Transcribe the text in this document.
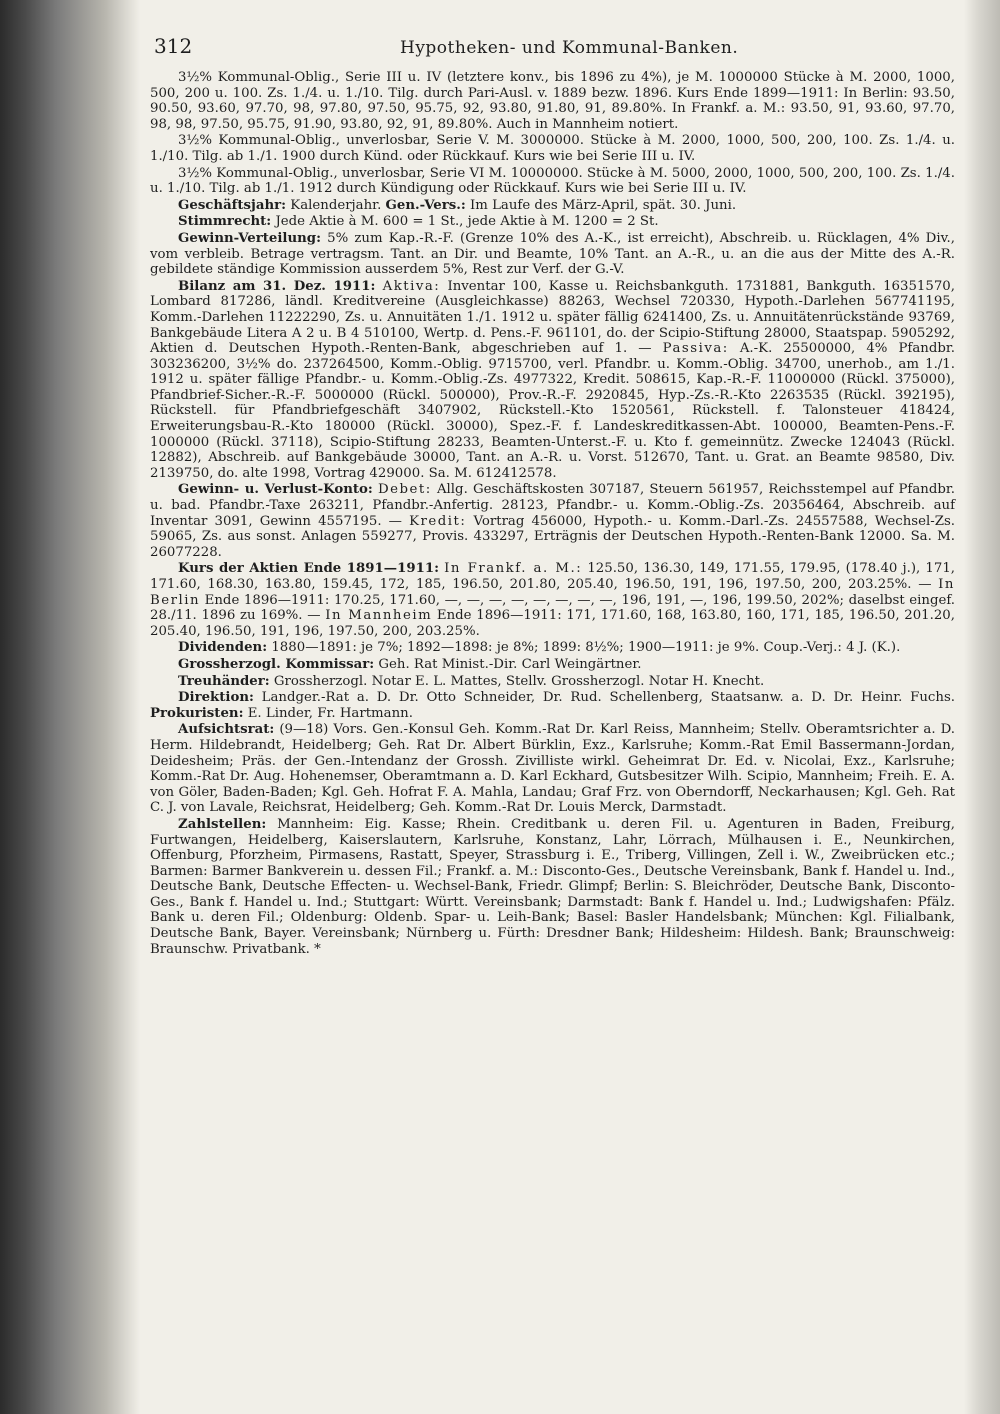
312	Hypotheken- und Kommunal-Banken.

3½% Kommunal-Oblig., Serie III u. IV (letztere konv., bis 1896 zu 4%), je M. 1000000 Stücke à M. 2000, 1000, 500, 200 u. 100. Zs. 1./4. u. 1./10. Tilg. durch Pari-Ausl. v. 1889 bezw. 1896. Kurs Ende 1899—1911: In Berlin: 93.50, 90.50, 93.60, 97.70, 98, 97.80, 97.50, 95.75, 92, 93.80, 91.80, 91, 89.80%. In Frankf. a. M.: 93.50, 91, 93.60, 97.70, 98, 98, 97.50, 95.75, 91.90, 93.80, 92, 91, 89.80%. Auch in Mannheim notiert.

3½% Kommunal-Oblig., unverlosbar, Serie V. M. 3000000. Stücke à M. 2000, 1000, 500, 200, 100. Zs. 1./4. u. 1./10. Tilg. ab 1./1. 1900 durch Künd. oder Rückkauf. Kurs wie bei Serie III u. IV.

3½% Kommunal-Oblig., unverlosbar, Serie VI M. 10000000. Stücke à M. 5000, 2000, 1000, 500, 200, 100. Zs. 1./4. u. 1./10. Tilg. ab 1./1. 1912 durch Kündigung oder Rückkauf. Kurs wie bei Serie III u. IV.

Geschäftsjahr: Kalenderjahr. Gen.-Vers.: Im Laufe des März-April, spät. 30. Juni.

Stimmrecht: Jede Aktie à M. 600 = 1 St., jede Aktie à M. 1200 = 2 St.

Gewinn-Verteilung: 5% zum Kap.-R.-F. (Grenze 10% des A.-K., ist erreicht), Abschreib. u. Rücklagen, 4% Div., vom verbleib. Betrage vertragsm. Tant. an Dir. und Beamte, 10% Tant. an A.-R., u. an die aus der Mitte des A.-R. gebildete ständige Kommission ausserdem 5%, Rest zur Verf. der G.-V.

Bilanz am 31. Dez. 1911: Aktiva: Inventar 100, Kasse u. Reichsbankguth. 1731881, Bankguth. 16351570, Lombard 817286, ländl. Kreditvereine (Ausgleichkasse) 88263, Wechsel 720330, Hypoth.-Darlehen 567741195, Komm.-Darlehen 11222290, Zs. u. Annuitäten 1./1. 1912 u. später fällig 6241400, Zs. u. Annuitätenrückstände 93769, Bankgebäude Litera A 2 u. B 4 510100, Wertp. d. Pens.-F. 961101, do. der Scipio-Stiftung 28000, Staatspap. 5905292, Aktien d. Deutschen Hypoth.-Renten-Bank, abgeschrieben auf 1. — Passiva: A.-K. 25500000, 4% Pfandbr. 303236200, 3½% do. 237264500, Komm.-Oblig. 9715700, verl. Pfandbr. u. Komm.-Oblig. 34700, unerhob., am 1./1. 1912 u. später fällige Pfandbr.- u. Komm.-Oblig.-Zs. 4977322, Kredit. 508615, Kap.-R.-F. 11000000 (Rückl. 375000), Pfandbrief-Sicher.-R.-F. 5000000 (Rückl. 500000), Prov.-R.-F. 2920845, Hyp.-Zs.-R.-Kto 2263535 (Rückl. 392195), Rückstell. für Pfandbriefgeschäft 3407902, Rückstell.-Kto 1520561, Rückstell. f. Talonsteuer 418424, Erweiterungsbau-R.-Kto 180000 (Rückl. 30000), Spez.-F. f. Landeskreditkassen-Abt. 100000, Beamten-Pens.-F. 1000000 (Rückl. 37118), Scipio-Stiftung 28233, Beamten-Unterst.-F. u. Kto f. gemeinnütz. Zwecke 124043 (Rückl. 12882), Abschreib. auf Bankgebäude 30000, Tant. an A.-R. u. Vorst. 512670, Tant. u. Grat. an Beamte 98580, Div. 2139750, do. alte 1998, Vortrag 429000. Sa. M. 612412578.

Gewinn- u. Verlust-Konto: Debet: Allg. Geschäftskosten 307187, Steuern 561957, Reichsstempel auf Pfandbr. u. bad. Pfandbr.-Taxe 263211, Pfandbr.-Anfertig. 28123, Pfandbr.- u. Komm.-Oblig.-Zs. 20356464, Abschreib. auf Inventar 3091, Gewinn 4557195. — Kredit: Vortrag 456000, Hypoth.- u. Komm.-Darl.-Zs. 24557588, Wechsel-Zs. 59065, Zs. aus sonst. Anlagen 559277, Provis. 433297, Erträgnis der Deutschen Hypoth.-Renten-Bank 12000. Sa. M. 26077228.

Kurs der Aktien Ende 1891—1911: In Frankf. a. M.: 125.50, 136.30, 149, 171.55, 179.95, (178.40 j.), 171, 171.60, 168.30, 163.80, 159.45, 172, 185, 196.50, 201.80, 205.40, 196.50, 191, 196, 197.50, 200, 203.25%. — In Berlin Ende 1896—1911: 170.25, 171.60, —, —, —, —, —, —, —, —, 196, 191, —, 196, 199.50, 202%; daselbst eingef. 28./11. 1896 zu 169%. — In Mannheim Ende 1896—1911: 171, 171.60, 168, 163.80, 160, 171, 185, 196.50, 201.20, 205.40, 196.50, 191, 196, 197.50, 200, 203.25%.

Dividenden: 1880—1891: je 7%; 1892—1898: je 8%; 1899: 8½%; 1900—1911: je 9%. Coup.-Verj.: 4 J. (K.).

Grossherzogl. Kommissar: Geh. Rat Minist.-Dir. Carl Weingärtner.

Treuhänder: Grossherzogl. Notar E. L. Mattes, Stellv. Grossherzogl. Notar H. Knecht.

Direktion: Landger.-Rat a. D. Dr. Otto Schneider, Dr. Rud. Schellenberg, Staatsanw. a. D. Dr. Heinr. Fuchs. Prokuristen: E. Linder, Fr. Hartmann.

Aufsichtsrat: (9—18) Vors. Gen.-Konsul Geh. Komm.-Rat Dr. Karl Reiss, Mannheim; Stellv. Oberamtsrichter a. D. Herm. Hildebrandt, Heidelberg; Geh. Rat Dr. Albert Bürklin, Exz., Karlsruhe; Komm.-Rat Emil Bassermann-Jordan, Deidesheim; Präs. der Gen.-Intendanz der Grossh. Zivilliste wirkl. Geheimrat Dr. Ed. v. Nicolai, Exz., Karlsruhe; Komm.-Rat Dr. Aug. Hohenemser, Oberamtmann a. D. Karl Eckhard, Gutsbesitzer Wilh. Scipio, Mannheim; Freih. E. A. von Göler, Baden-Baden; Kgl. Geh. Hofrat F. A. Mahla, Landau; Graf Frz. von Oberndorff, Neckarhausen; Kgl. Geh. Rat C. J. von Lavale, Reichsrat, Heidelberg; Geh. Komm.-Rat Dr. Louis Merck, Darmstadt.

Zahlstellen: Mannheim: Eig. Kasse; Rhein. Creditbank u. deren Fil. u. Agenturen in Baden, Freiburg, Furtwangen, Heidelberg, Kaiserslautern, Karlsruhe, Konstanz, Lahr, Lörrach, Mülhausen i. E., Neunkirchen, Offenburg, Pforzheim, Pirmasens, Rastatt, Speyer, Strassburg i. E., Triberg, Villingen, Zell i. W., Zweibrücken etc.; Barmen: Barmer Bankverein u. dessen Fil.; Frankf. a. M.: Disconto-Ges., Deutsche Vereinsbank, Bank f. Handel u. Ind., Deutsche Bank, Deutsche Effecten- u. Wechsel-Bank, Friedr. Glimpf; Berlin: S. Bleichröder, Deutsche Bank, Disconto-Ges., Bank f. Handel u. Ind.; Stuttgart: Württ. Vereinsbank; Darmstadt: Bank f. Handel u. Ind.; Ludwigshafen: Pfälz. Bank u. deren Fil.; Oldenburg: Oldenb. Spar- u. Leih-Bank; Basel: Basler Handelsbank; München: Kgl. Filialbank, Deutsche Bank, Bayer. Vereinsbank; Nürnberg u. Fürth: Dresdner Bank; Hildesheim: Hildesh. Bank; Braunschweig: Braunschw. Privatbank. *
